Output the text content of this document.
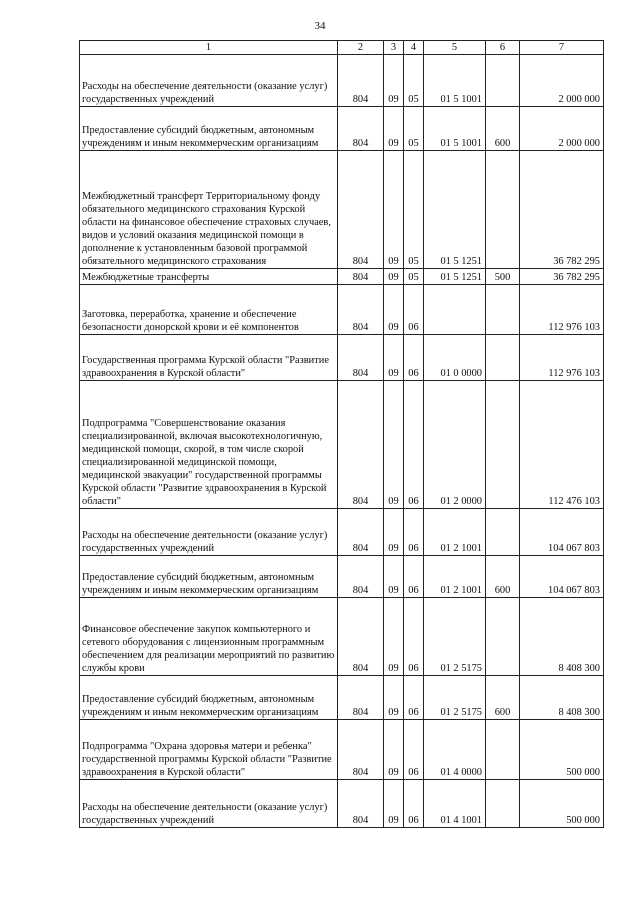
34
1	2	3	4	5	6	7
Расходы на обеспечение деятельности (оказание услуг) государственных учреждений	804	09	05	01 5 1001		2 000 000
Предоставление субсидий бюджетным, автономным учреждениям и иным некоммерческим организациям	804	09	05	01 5 1001	600	2 000 000
Межбюджетный трансферт Территориальному фонду обязательного медицинского страхования Курской области на финансовое обеспечение страховых случаев, видов и условий оказания медицинской помощи в дополнение к установленным базовой программой обязательного медицинского страхования	804	09	05	01 5 1251		36 782 295
Межбюджетные трансферты	804	09	05	01 5 1251	500	36 782 295
Заготовка, переработка, хранение и обеспечение безопасности донорской крови и её компонентов	804	09	06			112 976 103
Государственная программа Курской области "Развитие здравоохранения в Курской области"	804	09	06	01 0 0000		112 976 103
Подпрограмма "Совершенствование оказания специализированной, включая высокотехнологичную, медицинской помощи, скорой, в том числе скорой специализированной медицинской помощи, медицинской эвакуации" государственной программы Курской области "Развитие здравоохранения в Курской области"	804	09	06	01 2 0000		112 476 103
Расходы на обеспечение деятельности (оказание услуг) государственных учреждений	804	09	06	01 2 1001		104 067 803
Предоставление субсидий бюджетным, автономным учреждениям и иным некоммерческим организациям	804	09	06	01 2 1001	600	104 067 803
Финансовое обеспечение закупок компьютерного и сетевого оборудования с лицензионным программным обеспечением для реализации мероприятий по развитию службы крови	804	09	06	01 2 5175		8 408 300
Предоставление субсидий бюджетным, автономным учреждениям и иным некоммерческим организациям	804	09	06	01 2 5175	600	8 408 300
Подпрограмма "Охрана здоровья матери и ребенка" государственной программы Курской области "Развитие здравоохранения в Курской области"	804	09	06	01 4 0000		500 000
Расходы на обеспечение деятельности (оказание услуг) государственных учреждений	804	09	06	01 4 1001		500 000
